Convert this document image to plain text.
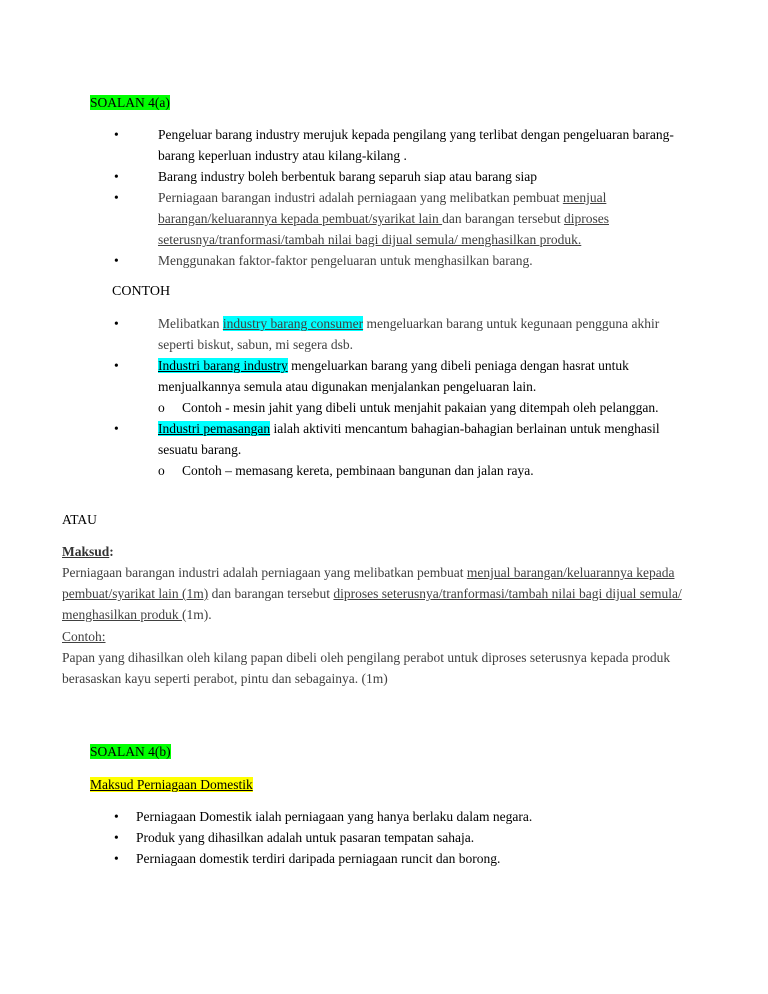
SOALAN 4(a)
•	Pengeluar barang industry merujuk kepada pengilang yang terlibat dengan pengeluaran barang-barang keperluan industry atau kilang-kilang .
•	Barang industry boleh berbentuk barang separuh siap atau barang siap
•	Perniagaan barangan industri adalah perniagaan yang melibatkan pembuat menjual barangan/keluarannya kepada pembuat/syarikat lain dan barangan tersebut diproses seterusnya/tranformasi/tambah nilai bagi dijual semula/ menghasilkan produk.
•	Menggunakan faktor-faktor pengeluaran untuk menghasilkan barang.
CONTOH
•	Melibatkan industry barang consumer mengeluarkan barang untuk kegunaan pengguna akhir seperti biskut, sabun, mi segera dsb.
•	Industri barang industry mengeluarkan barang yang dibeli peniaga dengan hasrat untuk menjualkannya semula atau digunakan menjalankan pengeluaran lain.
o Contoh - mesin jahit yang dibeli untuk menjahit pakaian yang ditempah oleh pelanggan.
•	Industri pemasangan ialah aktiviti mencantum bahagian-bahagian berlainan untuk menghasil sesuatu barang.
o Contoh – memasang kereta, pembinaan bangunan dan jalan raya.
ATAU
Maksud:
Perniagaan barangan industri adalah perniagaan yang melibatkan pembuat menjual barangan/keluarannya kepada pembuat/syarikat lain (1m) dan barangan tersebut diproses seterusnya/tranformasi/tambah nilai bagi dijual semula/ menghasilkan produk (1m).
Contoh:
Papan yang dihasilkan oleh kilang papan dibeli oleh pengilang perabot untuk diproses seterusnya kepada produk berasaskan kayu seperti perabot, pintu dan sebagainya. (1m)
SOALAN 4(b)
Maksud Perniagaan Domestik
• Perniagaan Domestik ialah perniagaan yang hanya berlaku dalam negara.
• Produk yang dihasilkan adalah untuk pasaran tempatan sahaja.
• Perniagaan domestik terdiri daripada perniagaan runcit dan borong.
